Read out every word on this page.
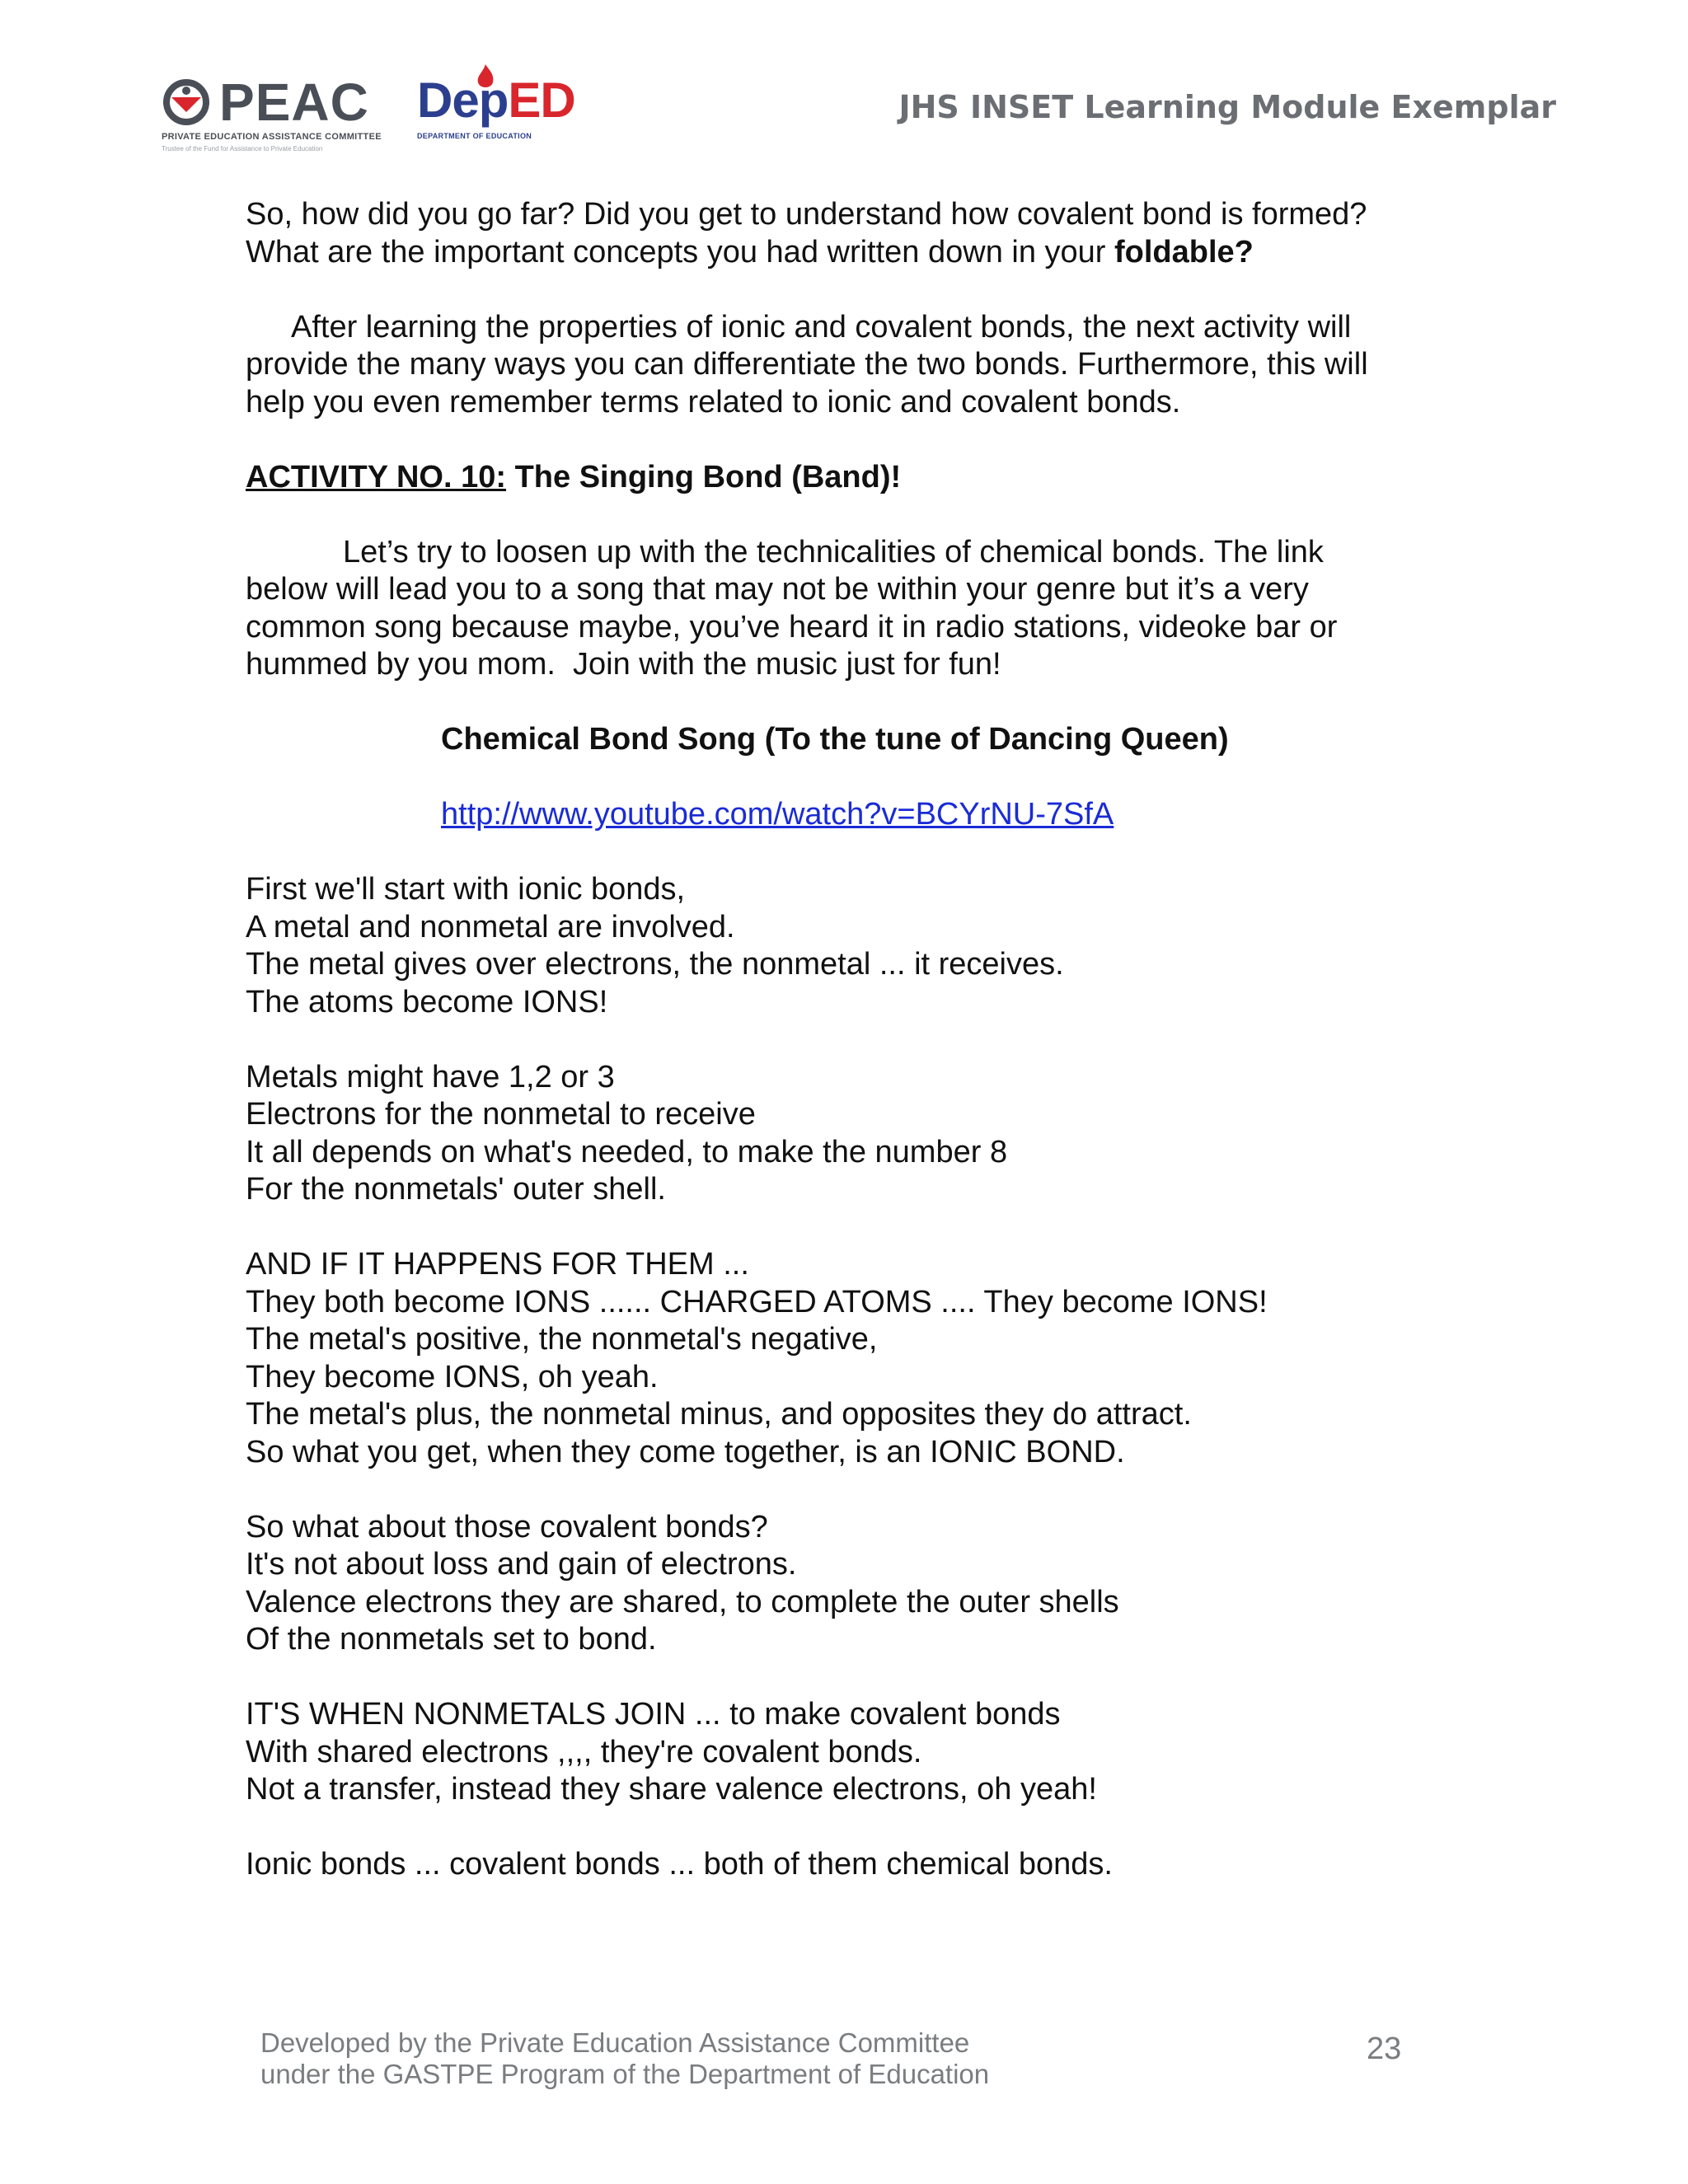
PEAC
PRIVATE EDUCATION ASSISTANCE COMMITTEE
Trustee of the Fund for Assistance to Private Education
DepED
DEPARTMENT OF EDUCATION
JHS INSET Learning Module Exemplar
So, how did you go far? Did you get to understand how covalent bond is formed?
What are the important concepts you had written down in your foldable?
After learning the properties of ionic and covalent bonds, the next activity will
provide the many ways you can differentiate the two bonds. Furthermore, this will
help you even remember terms related to ionic and covalent bonds.
ACTIVITY NO. 10: The Singing Bond (Band)!
Let’s try to loosen up with the technicalities of chemical bonds. The link
below will lead you to a song that may not be within your genre but it’s a very
common song because maybe, you’ve heard it in radio stations, videoke bar or
hummed by you mom.  Join with the music just for fun!
Chemical Bond Song (To the tune of Dancing Queen)
http://www.youtube.com/watch?v=BCYrNU-7SfA
First we'll start with ionic bonds,
A metal and nonmetal are involved.
The metal gives over electrons, the nonmetal ... it receives.
The atoms become IONS!
Metals might have 1,2 or 3
Electrons for the nonmetal to receive
It all depends on what's needed, to make the number 8
For the nonmetals' outer shell.
AND IF IT HAPPENS FOR THEM ...
They both become IONS ...... CHARGED ATOMS .... They become IONS!
The metal's positive, the nonmetal's negative,
They become IONS, oh yeah.
The metal's plus, the nonmetal minus, and opposites they do attract.
So what you get, when they come together, is an IONIC BOND.
So what about those covalent bonds?
It's not about loss and gain of electrons.
Valence electrons they are shared, to complete the outer shells
Of the nonmetals set to bond.
IT'S WHEN NONMETALS JOIN ... to make covalent bonds
With shared electrons ,,,, they're covalent bonds.
Not a transfer, instead they share valence electrons, oh yeah!
Ionic bonds ... covalent bonds ... both of them chemical bonds.
Developed by the Private Education Assistance Committee
under the GASTPE Program of the Department of Education
23
